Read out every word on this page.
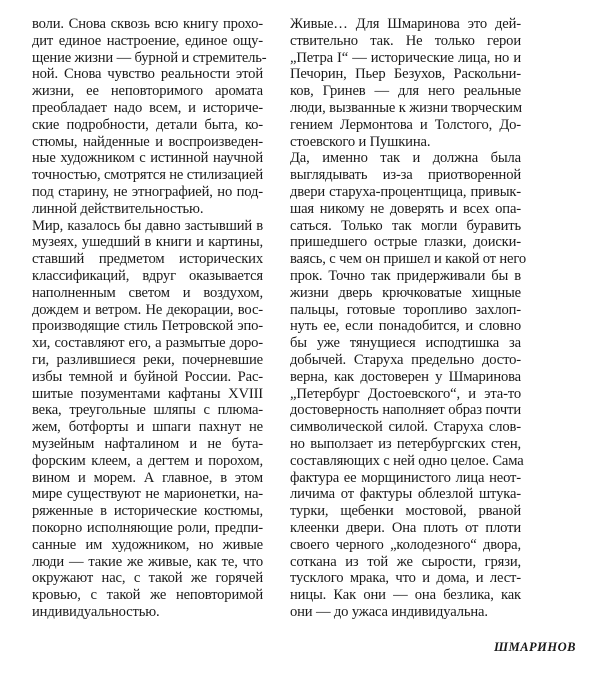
воли. Снова сквозь всю книгу прохо-
дит единое настроение, единое ощу-
щение жизни — бурной и стремитель-
ной. Снова чувство реальности этой
жизни, ее неповторимого аромата
преобладает надо всем, и историче-
ские подробности, детали быта, ко-
стюмы, найденные и воспроизведен-
ные художником с истинной научной
точностью, смотрятся не стилизацией
под старину, не этнографией, но под-
линной действительностью.
Мир, казалось бы давно застывший в
музеях, ушедший в книги и картины,
ставший предметом исторических
классификаций, вдруг оказывается
наполненным светом и воздухом,
дождем и ветром. Не декорации, вос-
производящие стиль Петровской эпо-
хи, составляют его, а размытые доро-
ги, разлившиеся реки, почерневшие
избы темной и буйной России. Рас-
шитые позументами кафтаны XVIII
века, треугольные шляпы с плюма-
жем, ботфорты и шпаги пахнут не
музейным нафталином и не бута-
форским клеем, а дегтем и порохом,
вином и морем. А главное, в этом
мире существуют не марионетки, на-
ряженные в исторические костюмы,
покорно исполняющие роли, предпи-
санные им художником, но живые
люди — такие же живые, как те, что
окружают нас, с такой же горячей
кровью, с такой же неповторимой
индивидуальностью.
Живые… Для Шмаринова это дей-
ствительно так. Не только герои
„Петра I“ — исторические лица, но и
Печорин, Пьер Безухов, Раскольни-
ков, Гринев — для него реальные
люди, вызванные к жизни творческим
гением Лермонтова и Толстого, До-
стоевского и Пушкина.
Да, именно так и должна была
выглядывать из-за приотворенной
двери старуха-процентщица, привык-
шая никому не доверять и всех опа-
саться. Только так могли буравить
пришедшего острые глазки, доиски-
ваясь, с чем он пришел и какой от него
прок. Точно так придерживали бы в
жизни дверь крючковатые хищные
пальцы, готовые торопливо захлоп-
нуть ее, если понадобится, и словно
бы уже тянущиеся исподтишка за
добычей. Старуха предельно досто-
верна, как достоверен у Шмаринова
„Петербург Достоевского“, и эта-то
достоверность наполняет образ почти
символической силой. Старуха слов-
но выползает из петербургских стен,
составляющих с ней одно целое. Сама
фактура ее морщинистого лица неот-
личима от фактуры облезлой штука-
турки, щебенки мостовой, рваной
клеенки двери. Она плоть от плоти
своего черного „колодезного“ двора,
соткана из той же сырости, грязи,
тусклого мрака, что и дома, и лест-
ницы. Как они — она безлика, как
они — до ужаса индивидуальна.
ШМАРИНОВ
